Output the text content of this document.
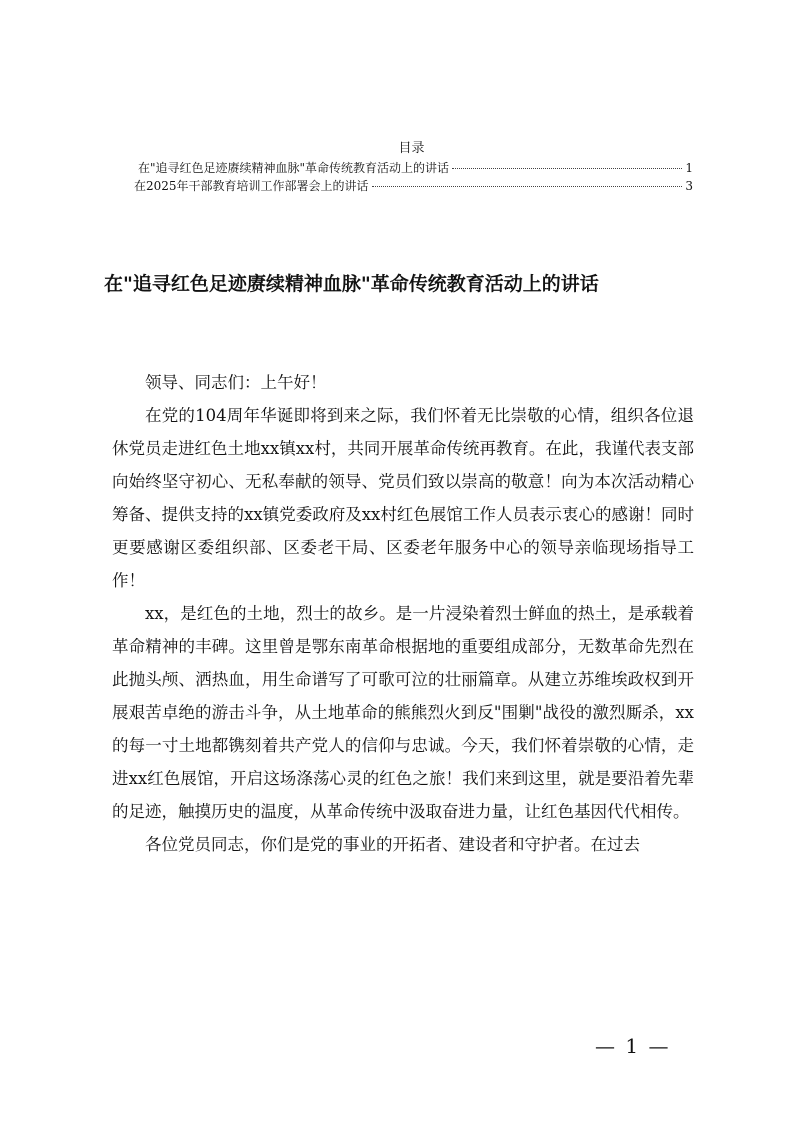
目录
在"追寻红色足迹赓续精神血脉"革命传统教育活动上的讲话	1
在2025年干部教育培训工作部署会上的讲话	3
在"追寻红色足迹赓续精神血脉"革命传统教育活动上的讲话

领导、同志们：上午好！

在党的104周年华诞即将到来之际，我们怀着无比崇敬的心情，组织各位退休党员走进红色土地xx镇xx村，共同开展革命传统再教育。在此，我谨代表支部向始终坚守初心、无私奉献的领导、党员们致以崇高的敬意！向为本次活动精心筹备、提供支持的xx镇党委政府及xx村红色展馆工作人员表示衷心的感谢！同时更要感谢区委组织部、区委老干局、区委老年服务中心的领导亲临现场指导工作！

xx，是红色的土地，烈士的故乡。是一片浸染着烈士鲜血的热土，是承载着革命精神的丰碑。这里曾是鄂东南革命根据地的重要组成部分，无数革命先烈在此抛头颅、洒热血，用生命谱写了可歌可泣的壮丽篇章。从建立苏维埃政权到开展艰苦卓绝的游击斗争，从土地革命的熊熊烈火到反"围剿"战役的激烈厮杀，xx的每一寸土地都镌刻着共产党人的信仰与忠诚。今天，我们怀着崇敬的心情，走进xx红色展馆，开启这场涤荡心灵的红色之旅！我们来到这里，就是要沿着先辈的足迹，触摸历史的温度，从革命传统中汲取奋进力量，让红色基因代代相传。

各位党员同志，你们是党的事业的开拓者、建设者和守护者。在过去

— 1 —
